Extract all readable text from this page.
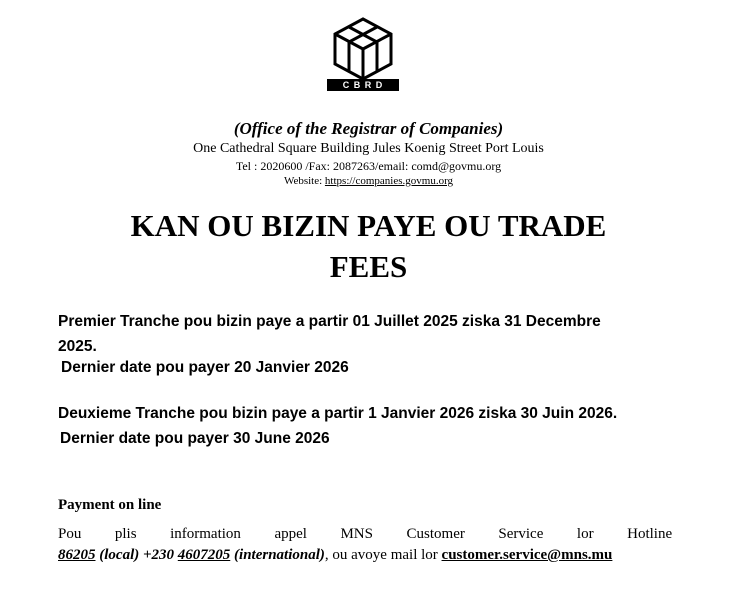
C B R D
(Office of the Registrar of Companies)
One Cathedral Square Building Jules Koenig Street Port Louis
Tel : 2020600 /Fax: 2087263/email: comd@govmu.org
Website: https://companies.govmu.org
KAN OU BIZIN PAYE OU TRADE
FEES
Premier Tranche pou bizin paye a partir 01 Juillet 2025 ziska 31 Decembre
2025.
Dernier date pou payer 20 Janvier 2026
Deuxieme Tranche pou bizin paye a partir 1 Janvier 2026 ziska 30 Juin 2026.
Dernier date pou payer 30 June 2026
Payment on line
Pou plis information appel MNS Customer Service lor Hotline
86205 (local) +230 4607205 (international), ou avoye mail lor customer.service@mns.mu
